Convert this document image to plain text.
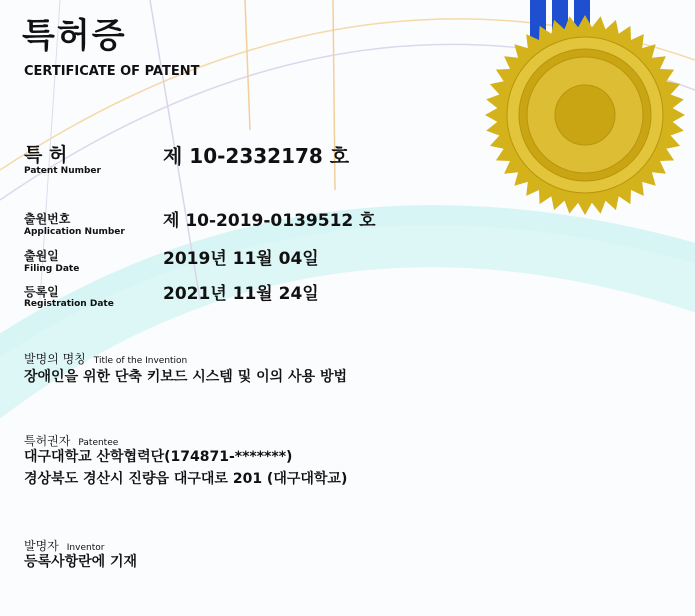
특허증
CERTIFICATE OF PATENT
특 허
Patent Number
제 10-2332178 호
출원번호
Application Number
제 10-2019-0139512 호
출원일
Filing Date	2019년 11월 04일
등록일
Registration Date	2021년 11월 24일
발명의 명칭 Title of the Invention
장애인을 위한 단축 키보드 시스템 및 이의 사용 방법
특허권자 Patentee
대구대학교 산학협력단(174871-*******)
경상북도 경산시 진량읍 대구대로 201 (대구대학교)
발명자 Inventor
등록사항란에 기재
